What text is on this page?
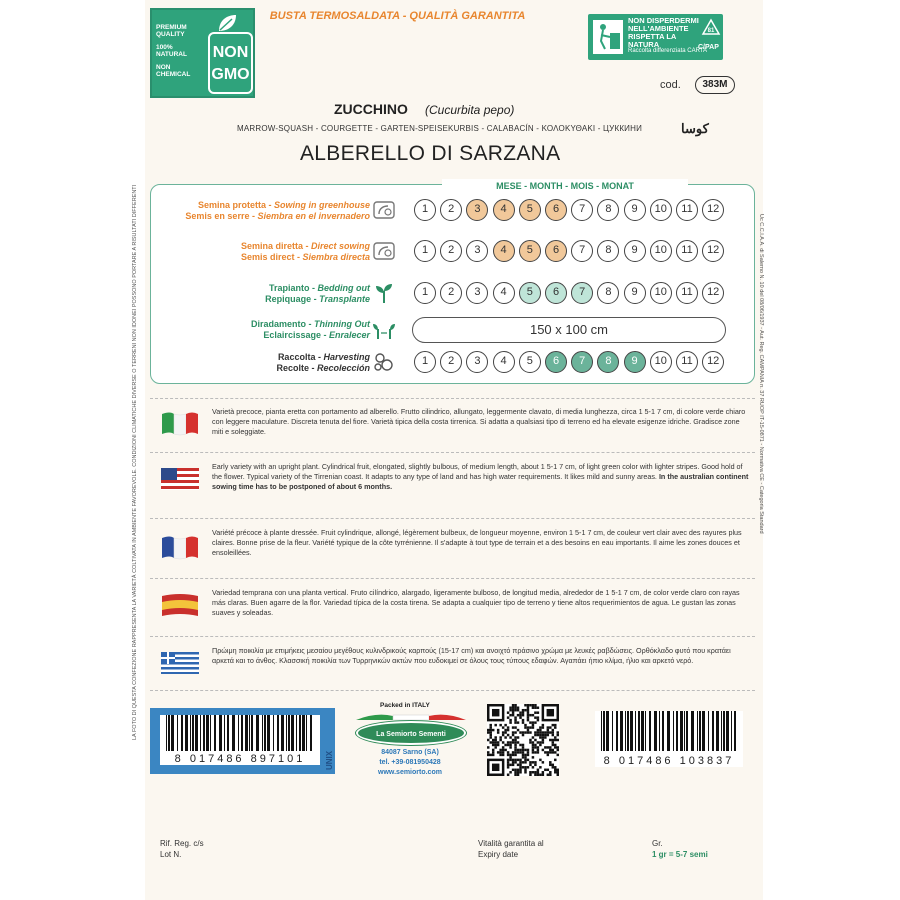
BUSTA TERMOSALDATA - QUALITÀ GARANTITA
PREMIUM QUALITY
100% NATURAL
NON CHEMICAL
NON
GMO
NON DISPERDERMI NELL'AMBIENTE RISPETTA LA NATURA
Raccolta differenziata CARTA
81
C/PAP
cod.	383M
ZUCCHINO (Cucurbita pepo)
MARROW-SQUASH - COURGETTE - GARTEN-SPEISEKURBIS - CALABACÍN - ΚΟΛΟΚΥΘΑΚΙ - ЦУККИНИ	كوسا
ALBERELLO DI SARZANA
MESE - MONTH - MOIS - MONAT
Semina protetta - Sowing in greenhouse
Semis en serre - Siembra en el invernadero
1	2	3	4	5	6	7	8	9	10	11	12
Semina diretta - Direct sowing
Semis direct - Siembra directa
1	2	3	4	5	6	7	8	9	10	11	12
Trapianto - Bedding out
Repiquage - Transplante
1	2	3	4	5	6	7	8	9	10	11	12
Diradamento - Thinning Out
Eclaircissage - Enralecer	150 x 100 cm
Raccolta - Harvesting
Recolte - Recolección
1	2	3	4	5	6	7	8	9	10	11	12
LA FOTO DI QUESTA CONFEZIONE RAPPRESENTA LA VARIETÀ COLTIVATA IN AMBIENTE FAVOREVOLE. CONDIZIONI CLIMATICHE DIVERSE O TERRENI NON IDONEI POSSONO PORTARE A RISULTATI DIFFERENTI	Uc C.C.I.A.A. di Salerno N. 10 del 08/06/1937 - Aut. Reg. CAMPANIA n. 37 RUOP IT-15-0871 - Normativa CE - Categoria Standard
Varietà precoce, pianta eretta con portamento ad alberello. Frutto cilindrico, allungato, leggermente clavato, di media lunghezza, circa 1 5-1 7 cm, di colore verde chiaro con leggere maculature. Discreta tenuta del fiore. Varietà tipica della costa tirrenica. Si adatta a qualsiasi tipo di terreno ed ha elevate esigenze idriche. Gradisce zone miti e soleggiate.
Early variety with an upright plant. Cylindrical fruit, elongated, slightly bulbous, of medium length, about 1 5-1 7 cm, of light green color with lighter stripes. Good hold of the flower. Typical variety of the Tirrenian coast. It adapts to any type of land and has high water requirements. It likes mild and sunny areas. In the australian continent sowing time has to be postponed of about 6 months.
Variété précoce à plante dressée. Fruit cylindrique, allongé, légèrement bulbeux, de longueur moyenne, environ 1 5-1 7 cm, de couleur vert clair avec des rayures plus claires. Bonne prise de la fleur. Variété typique de la côte tyrrénienne. Il s'adapte à tout type de terrain et a des besoins en eau importants. Il aime les zones douces et ensoleillées.
Variedad temprana con una planta vertical. Fruto cilíndrico, alargado, ligeramente bulboso, de longitud media, alrededor de 1 5-1 7 cm, de color verde claro con rayas más claras. Buen agarre de la flor. Variedad típica de la costa tirena. Se adapta a cualquier tipo de terreno y tiene altos requerimientos de agua. Le gustan las zonas suaves y soleadas.
Πρώιμη ποικιλία με επιμήκεις μεσαίου μεγέθους κυλινδρικούς καρπούς (15-17 cm) και ανοιχτό πράσινο χρώμα με λευκές ραβδώσεις. Ορθόκλαδο φυτό που κρατάει αρκετά και το άνθος. Κλασσική ποικιλία των Τυρρηνικών ακτών που ευδοκιμεί σε όλους τους τύπους εδαφών. Αγαπάει ήπιο κλίμα, ήλιο και αρκετό νερό.
8 017486 897101	UNIX
Packed in ITALY
La Semiorto Sementi
84087 Sarno (SA)
tel. +39-081950428
www.semiorto.com
8 017486 103837
Rif. Reg. c/s
Lot N.
Vitalità garantita al
Expiry date
Gr.
1 gr = 5-7 semi
